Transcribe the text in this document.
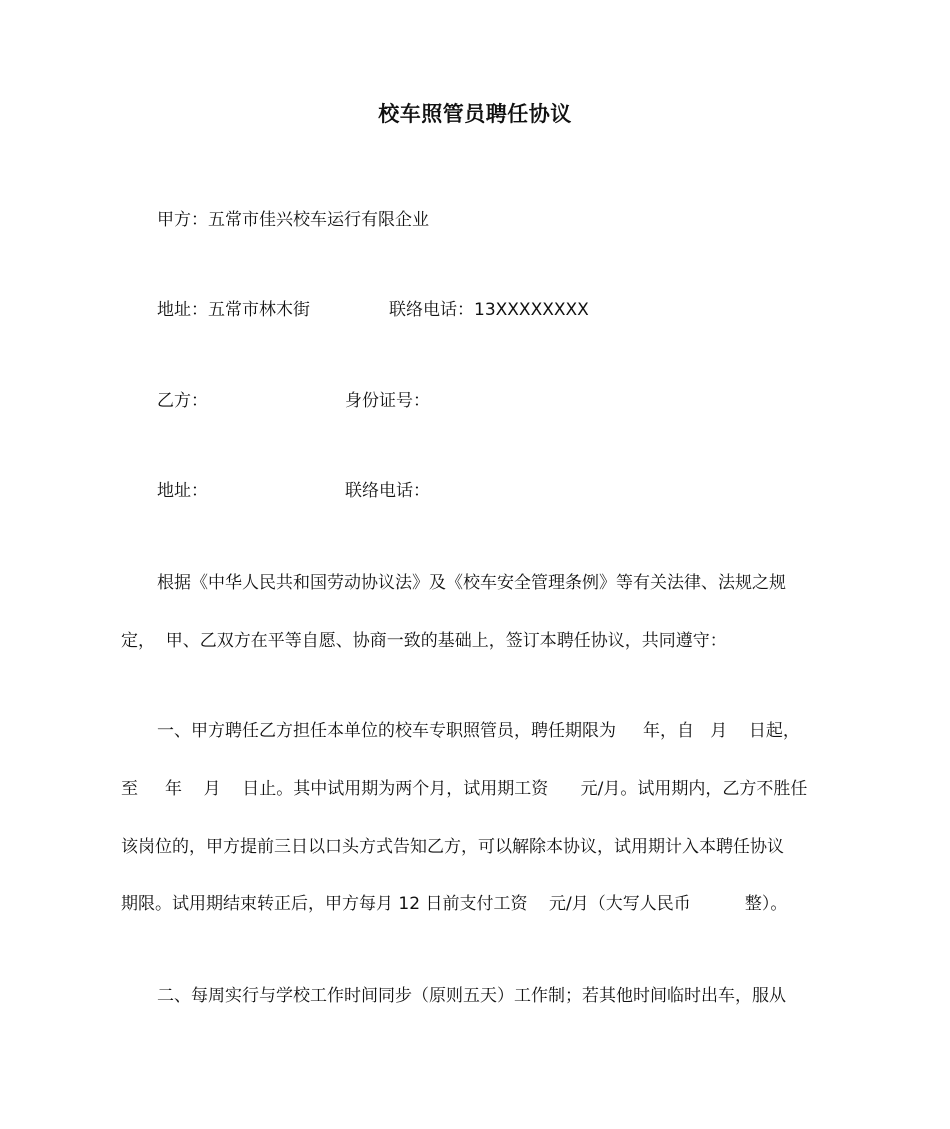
校车照管员聘任协议
甲方：五常市佳兴校车运行有限企业
地址：五常市林木街	联络电话：13XXXXXXXX
乙方：	身份证号：
地址：	联络电话：
根据《中华人民共和国劳动协议法》及《校车安全管理条例》等有关法律、法规之规
定，  甲、乙双方在平等自愿、协商一致的基础上，签订本聘任协议，共同遵守：
一、甲方聘任乙方担任本单位的校车专职照管员，聘任期限为     年，自   月    日起，
至     年    月    日止。其中试用期为两个月，试用期工资      元/月。试用期内，乙方不胜任
该岗位的，甲方提前三日以口头方式告知乙方，可以解除本协议，试用期计入本聘任协议
期限。试用期结束转正后，甲方每月 12 日前支付工资    元/月（大写人民币          整）。
二、每周实行与学校工作时间同步（原则五天）工作制；若其他时间临时出车，服从
